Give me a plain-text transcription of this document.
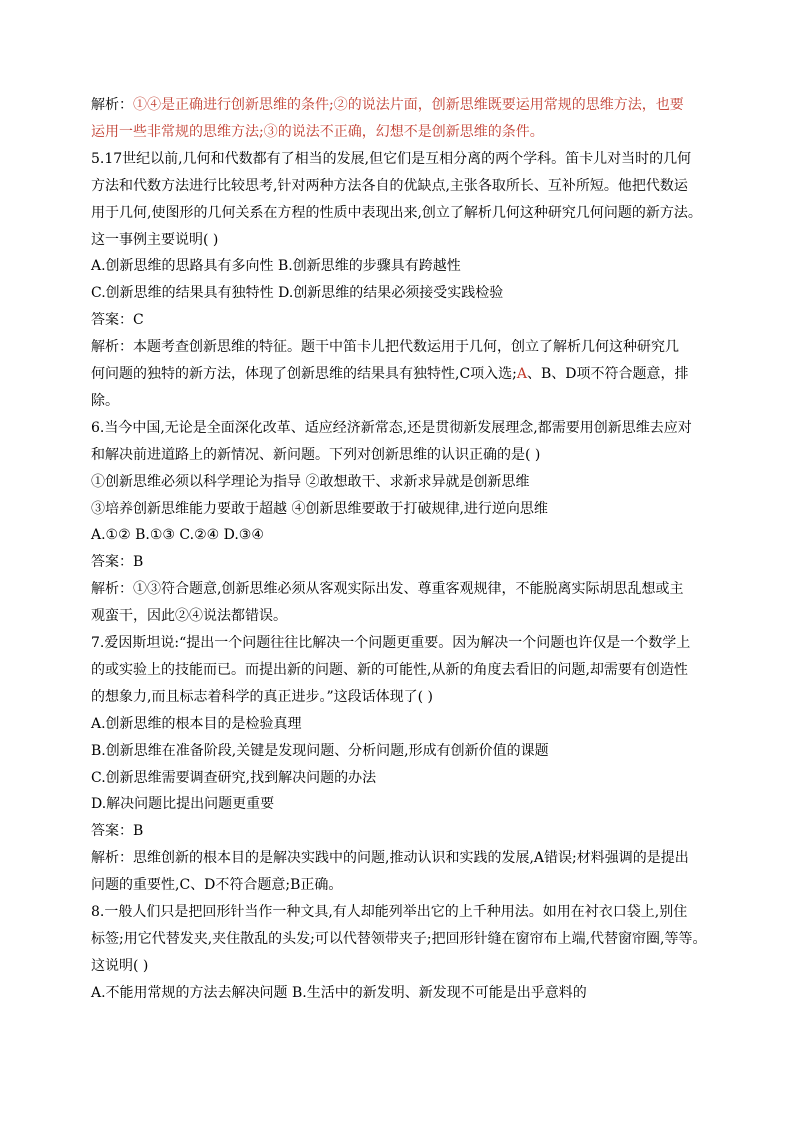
解析：①④是正确进行创新思维的条件;②的说法片面，创新思维既要运用常规的思维方法，也要
运用一些非常规的思维方法;③的说法不正确，幻想不是创新思维的条件。
5.17世纪以前,几何和代数都有了相当的发展,但它们是互相分离的两个学科。笛卡儿对当时的几何
方法和代数方法进行比较思考,针对两种方法各自的优缺点,主张各取所长、互补所短。他把代数运
用于几何,使图形的几何关系在方程的性质中表现出来,创立了解析几何这种研究几何问题的新方法。
这一事例主要说明( )
A.创新思维的思路具有多向性 B.创新思维的步骤具有跨越性
C.创新思维的结果具有独特性 D.创新思维的结果必须接受实践检验
答案：C
解析：本题考查创新思维的特征。题干中笛卡儿把代数运用于几何，创立了解析几何这种研究几
何问题的独特的新方法，体现了创新思维的结果具有独特性,C项入选;A、B、D项不符合题意，排
除。
6.当今中国,无论是全面深化改革、适应经济新常态,还是贯彻新发展理念,都需要用创新思维去应对
和解决前进道路上的新情况、新问题。下列对创新思维的认识正确的是( )
①创新思维必须以科学理论为指导 ②敢想敢干、求新求异就是创新思维
③培养创新思维能力要敢于超越 ④创新思维要敢于打破规律,进行逆向思维
A.①② B.①③ C.②④ D.③④
答案：B
解析：①③符合题意,创新思维必须从客观实际出发、尊重客观规律，不能脱离实际胡思乱想或主
观蛮干，因此②④说法都错误。
7.爱因斯坦说:“提出一个问题往往比解决一个问题更重要。因为解决一个问题也许仅是一个数学上
的或实验上的技能而已。而提出新的问题、新的可能性,从新的角度去看旧的问题,却需要有创造性
的想象力,而且标志着科学的真正进步。”这段话体现了( )
A.创新思维的根本目的是检验真理
B.创新思维在准备阶段,关键是发现问题、分析问题,形成有创新价值的课题
C.创新思维需要调查研究,找到解决问题的办法
D.解决问题比提出问题更重要
答案：B
解析：思维创新的根本目的是解决实践中的问题,推动认识和实践的发展,A错误;材料强调的是提出
问题的重要性,C、D不符合题意;B正确。
8.一般人们只是把回形针当作一种文具,有人却能列举出它的上千种用法。如用在衬衣口袋上,别住
标签;用它代替发夹,夹住散乱的头发;可以代替领带夹子;把回形针缝在窗帘布上端,代替窗帘圈,等等。
这说明( )
A.不能用常规的方法去解决问题 B.生活中的新发明、新发现不可能是出乎意料的
